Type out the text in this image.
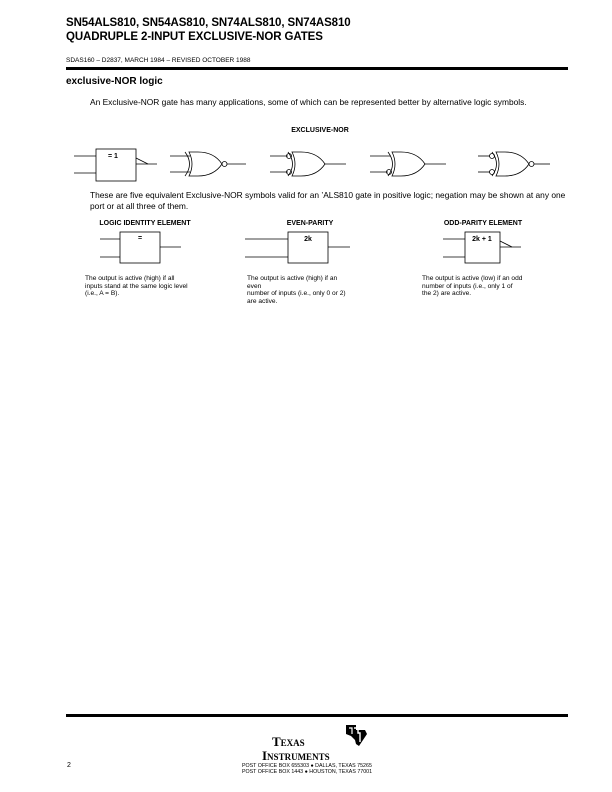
SN54ALS810, SN54AS810, SN74ALS810, SN74AS810
QUADRUPLE 2-INPUT EXCLUSIVE-NOR GATES
SDAS160 – D2837, MARCH 1984 – REVISED OCTOBER 1988
exclusive-NOR logic
An Exclusive-NOR gate has many applications, some of which can be represented better by alternative logic symbols.
EXCLUSIVE-NOR
= 1
These are five equivalent Exclusive-NOR symbols valid for an ’ALS810 gate in positive logic; negation may be shown at any one port or at all three of them.
LOGIC IDENTITY ELEMENT	EVEN-PARITY	ODD-PARITY ELEMENT
=	2k	2k + 1
The output is active (high) if all
inputs stand at the same logic level
(i.e., A = B).
The output is active (high) if an
even
number of inputs (i.e., only 0 or 2)
are active.
The output is active (low) if an odd
number of inputs (i.e., only 1 of
the 2) are active.
Texas
Instruments
POST OFFICE BOX 655303 ● DALLAS, TEXAS 75265
POST OFFICE BOX 1443 ● HOUSTON, TEXAS 77001
2
